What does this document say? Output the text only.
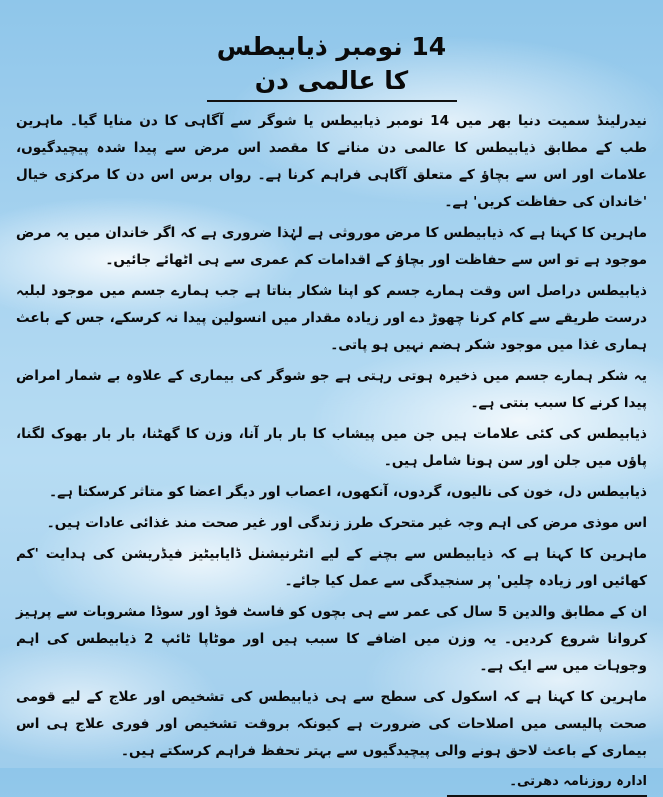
14 نومبر ذیابیطس کا عالمی دن

نیدرلینڈ سمیت دنیا بھر میں 14 نومبر ذیابیطس یا شوگر سے آگاہی کا دن منایا گیا۔ ماہرین طب کے مطابق ذیابیطس کا عالمی دن منانے کا مقصد اس مرض سے پیدا شدہ پیچیدگیوں، علامات اور اس سے بچاؤ کے متعلق آگاہی فراہم کرنا ہے۔ رواں برس اس دن کا مرکزی خیال 'خاندان کی حفاظت کریں' ہے۔

ماہرین کا کہنا ہے کہ ذیابیطس کا مرض موروثی ہے لہٰذا ضروری ہے کہ اگر خاندان میں یہ مرض موجود ہے تو اس سے حفاظت اور بچاؤ کے اقدامات کم عمری سے ہی اٹھائے جائیں۔

ذیابیطس دراصل اس وقت ہمارے جسم کو اپنا شکار بناتا ہے جب ہمارے جسم میں موجود لبلبہ درست طریقے سے کام کرنا چھوڑ دے اور زیادہ مقدار میں انسولین پیدا نہ کرسکے، جس کے باعث ہماری غذا میں موجود شکر ہضم نہیں ہو پاتی۔

یہ شکر ہمارے جسم میں ذخیرہ ہوتی رہتی ہے جو شوگر کی بیماری کے علاوہ بے شمار امراض پیدا کرنے کا سبب بنتی ہے۔

ذیابیطس کی کئی علامات ہیں جن میں پیشاب کا بار بار آنا، وزن کا گھٹنا، بار بار بھوک لگنا، پاؤں میں جلن اور سن ہونا شامل ہیں۔

ذیابیطس دل، خون کی نالیوں، گردوں، آنکھوں، اعصاب اور دیگر اعضا کو متاثر کرسکتا ہے۔

اس موذی مرض کی اہم وجہ غیر متحرک طرز زندگی اور غیر صحت مند غذائی عادات ہیں۔

ماہرین کا کہنا ہے کہ ذیابیطس سے بچنے کے لیے انٹرنیشنل ڈایابیٹیز فیڈریشن کی ہدایت 'کم کھائیں اور زیادہ چلیں' پر سنجیدگی سے عمل کیا جائے۔

ان کے مطابق والدین 5 سال کی عمر سے ہی بچوں کو فاسٹ فوڈ اور سوڈا مشروبات سے پرہیز کروانا شروع کردیں۔ یہ وزن میں اضافے کا سبب ہیں اور موٹاپا ٹائپ 2 ذیابیطس کی اہم وجوہات میں سے ایک ہے۔

ماہرین کا کہنا ہے کہ اسکول کی سطح سے ہی ذیابیطس کی تشخیص اور علاج کے لیے قومی صحت پالیسی میں اصلاحات کی ضرورت ہے کیونکہ بروقت تشخیص اور فوری علاج ہی اس بیماری کے باعث لاحق ہونے والی پیچیدگیوں سے بہتر تحفظ فراہم کرسکتے ہیں۔

ادارہ روزنامہ دھرتی۔
